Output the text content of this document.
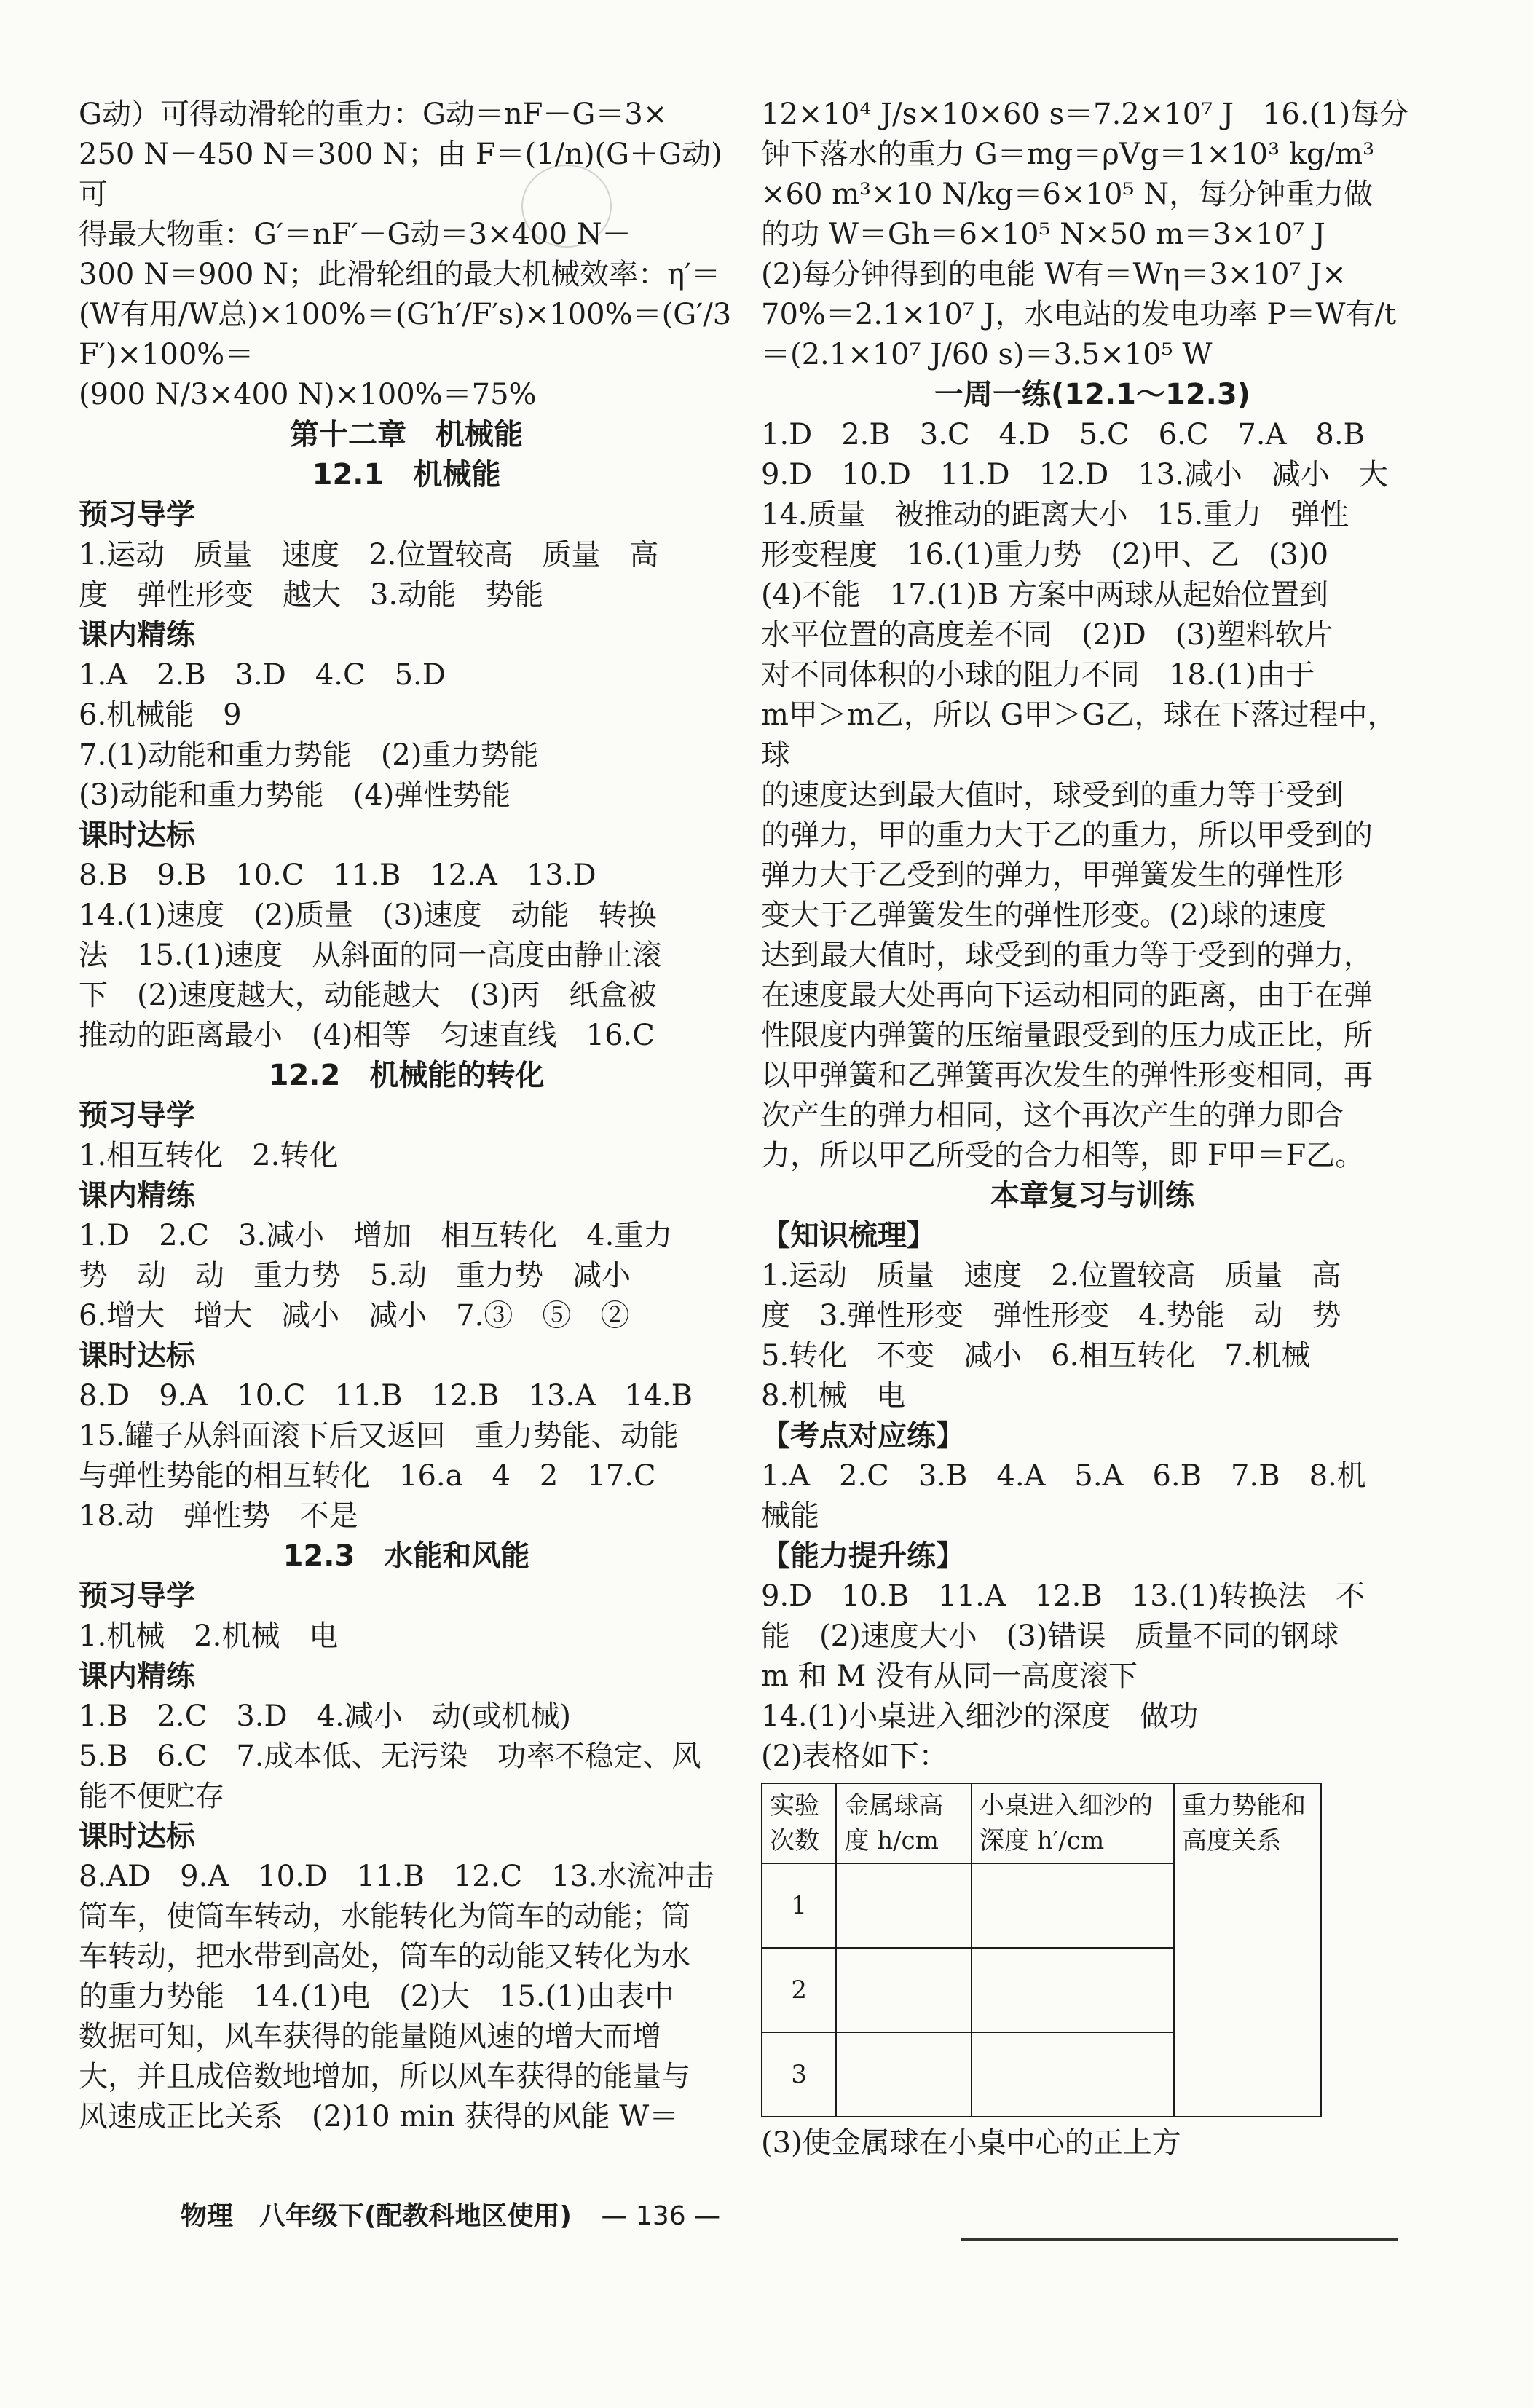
G动）可得动滑轮的重力：G动＝nF－G＝3×

250 N－450 N＝300 N；由 F＝(1/n)(G＋G动) 可

得最大物重：G′＝nF′－G动＝3×400 N－

300 N＝900 N；此滑轮组的最大机械效率：η′＝

(W有用/W总)×100%＝(G′h′/F′s)×100%＝(G′/3F′)×100%＝

(900 N/3×400 N)×100%＝75%

第十二章　机械能

12.1　机械能

预习导学

1.运动　质量　速度　2.位置较高　质量　高

度　弹性形变　越大　3.动能　势能

课内精练

1.A　2.B　3.D　4.C　5.D

6.机械能　9

7.(1)动能和重力势能　(2)重力势能

(3)动能和重力势能　(4)弹性势能

课时达标

8.B　9.B　10.C　11.B　12.A　13.D

14.(1)速度　(2)质量　(3)速度　动能　转换

法　15.(1)速度　从斜面的同一高度由静止滚

下　(2)速度越大，动能越大　(3)丙　纸盒被

推动的距离最小　(4)相等　匀速直线　16.C

12.2　机械能的转化

预习导学

1.相互转化　2.转化

课内精练

1.D　2.C　3.减小　增加　相互转化　4.重力

势　动　动　重力势　5.动　重力势　减小

6.增大　增大　减小　减小　7.③　⑤　②

课时达标

8.D　9.A　10.C　11.B　12.B　13.A　14.B

15.罐子从斜面滚下后又返回　重力势能、动能

与弹性势能的相互转化　16.a　4　2　17.C

18.动　弹性势　不是

12.3　水能和风能

预习导学

1.机械　2.机械　电

课内精练

1.B　2.C　3.D　4.减小　动(或机械)

5.B　6.C　7.成本低、无污染　功率不稳定、风

能不便贮存

课时达标

8.AD　9.A　10.D　11.B　12.C　13.水流冲击

筒车，使筒车转动，水能转化为筒车的动能；筒

车转动，把水带到高处，筒车的动能又转化为水

的重力势能　14.(1)电　(2)大　15.(1)由表中

数据可知，风车获得的能量随风速的增大而增

大，并且成倍数地增加，所以风车获得的能量与

风速成正比关系　(2)10 min 获得的风能 W＝

12×10⁴ J/s×10×60 s＝7.2×10⁷ J　16.(1)每分

钟下落水的重力 G＝mg＝ρVg＝1×10³ kg/m³

×60 m³×10 N/kg＝6×10⁵ N，每分钟重力做

的功 W＝Gh＝6×10⁵ N×50 m＝3×10⁷ J

(2)每分钟得到的电能 W有＝Wη＝3×10⁷ J×

70%＝2.1×10⁷ J，水电站的发电功率 P＝W有/t

＝(2.1×10⁷ J/60 s)＝3.5×10⁵ W

一周一练(12.1～12.3)

1.D　2.B　3.C　4.D　5.C　6.C　7.A　8.B

9.D　10.D　11.D　12.D　13.减小　减小　大

14.质量　被推动的距离大小　15.重力　弹性

形变程度　16.(1)重力势　(2)甲、乙　(3)0

(4)不能　17.(1)B 方案中两球从起始位置到

水平位置的高度差不同　(2)D　(3)塑料软片

对不同体积的小球的阻力不同　18.(1)由于

m甲＞m乙，所以 G甲＞G乙，球在下落过程中，球

的速度达到最大值时，球受到的重力等于受到

的弹力，甲的重力大于乙的重力，所以甲受到的

弹力大于乙受到的弹力，甲弹簧发生的弹性形

变大于乙弹簧发生的弹性形变。(2)球的速度

达到最大值时，球受到的重力等于受到的弹力，

在速度最大处再向下运动相同的距离，由于在弹

性限度内弹簧的压缩量跟受到的压力成正比，所

以甲弹簧和乙弹簧再次发生的弹性形变相同，再

次产生的弹力相同，这个再次产生的弹力即合

力，所以甲乙所受的合力相等，即 F甲＝F乙。

本章复习与训练

【知识梳理】

1.运动　质量　速度　2.位置较高　质量　高

度　3.弹性形变　弹性形变　4.势能　动　势

5.转化　不变　减小　6.相互转化　7.机械

8.机械　电

【考点对应练】

1.A　2.C　3.B　4.A　5.A　6.B　7.B　8.机

械能

【能力提升练】

9.D　10.B　11.A　12.B　13.(1)转换法　不

能　(2)速度大小　(3)错误　质量不同的钢球

m 和 M 没有从同一高度滚下

14.(1)小桌进入细沙的深度　做功

(2)表格如下：

实验次数	金属球高度 h/cm	小桌进入细沙的深度 h′/cm	重力势能和高度关系
1			
2			
3			

(3)使金属球在小桌中心的正上方

物理　八年级下(配教科地区使用) — 136 —
